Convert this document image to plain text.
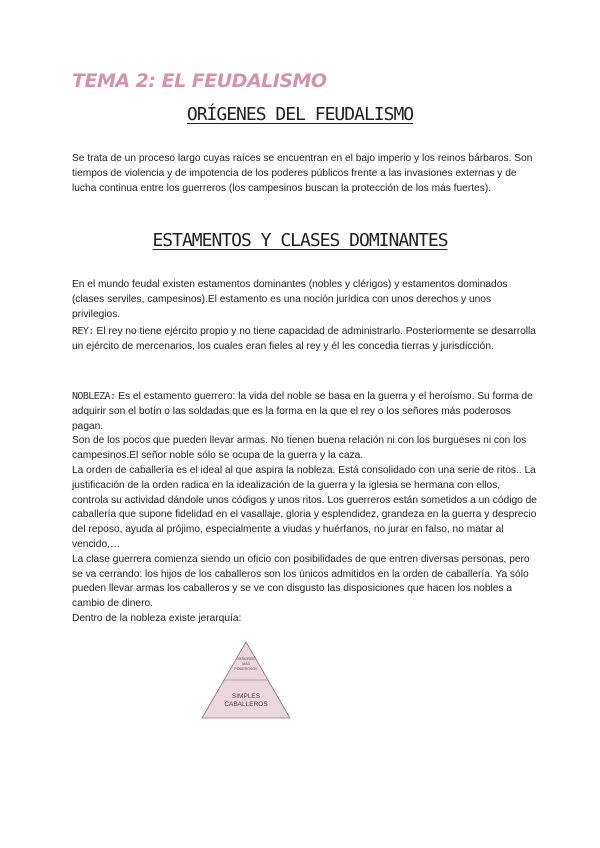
TEMA 2: EL FEUDALISMO
ORÍGENES DEL FEUDALISMO
Se trata de un proceso largo cuyas raíces se encuentran en el bajo imperio y los reinos bárbaros. Son tiempos de violencia y de impotencia de los poderes públicos frente a las invasiones externas y de lucha continua entre los guerreros (los campesinos buscan la protección de los más fuertes).
ESTAMENTOS Y CLASES DOMINANTES
En el mundo feudal existen estamentos dominantes (nobles y clérigos) y estamentos dominados (clases serviles, campesinos).El estamento es una noción jurídica con unos derechos y unos privilegios.
REY: El rey no tiene ejército propio y no tiene capacidad de administrarlo. Posteriormente se desarrolla un ejército de mercenarios, los cuales eran fieles al rey y él les concedia tierras y jurisdicción.
NOBLEZA: Es el estamento guerrero: la vida del noble se basa en la guerra y el heroísmo. Su forma de adquirir son el botín o las soldadas que es la forma en la que el rey o los señores más poderosos pagan.
Son de los pocos que pueden llevar armas. No tienen buena relación ni con los burgueses ni con los campesinos.El señor noble sólo se ocupa de la guerra y la caza.
La orden de caballería es el ideal al que aspira la nobleza. Está consolidado con una serie de ritos.. La justificación de la orden radica en la idealización de la guerra y la iglesia se hermana con ellos, controla su actividad dándole unos códigos y unos ritos. Los guerreros están sometidos a un código de caballería que supone fidelidad en el vasallaje, gloria y esplendidez, grandeza en la guerra y desprecio del reposo, ayuda al prójimo, especialmente a viudas y huérfanos, no jurar en falso, no matar al vencido,…
La clase guerrera comienza siendo un oficio con posibilidades de que entren diversas personas, pero se va cerrando: los hijos de los caballeros son los únicos admitidos en la orden de caballería. Ya sólo pueden llevar armas los caballeros y se ve con disgusto las disposiciones que hacen los nobles a cambio de dinero.
Dentro de la nobleza existe jerarquía:
SEÑORES
MÁS
PODEROSOS
SIMPLES
CABALLEROS
